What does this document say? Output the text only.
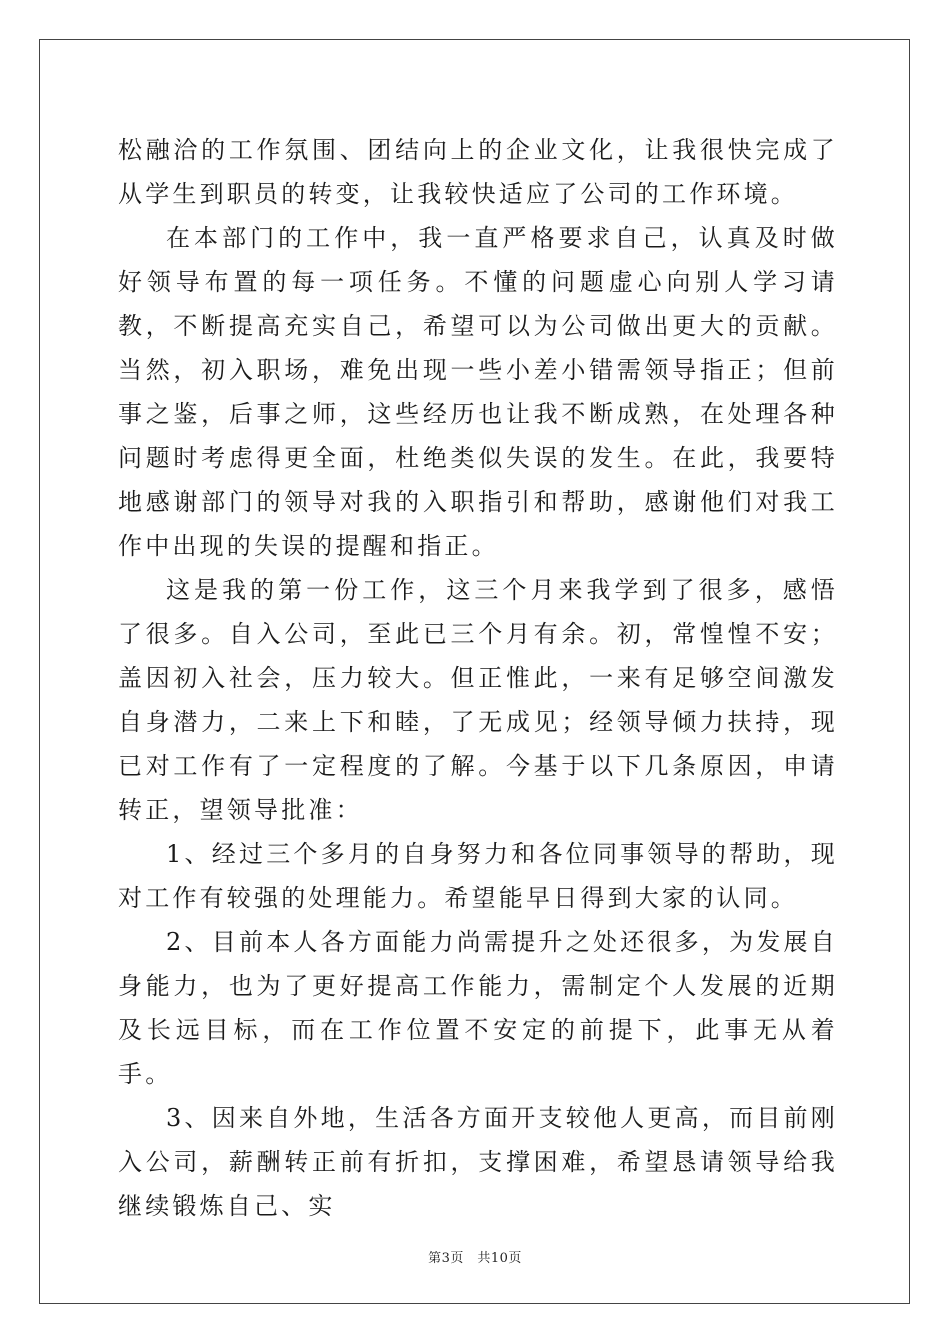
松融洽的工作氛围、团结向上的企业文化，让我很快完成了从学生到职员的转变，让我较快适应了公司的工作环境。

在本部门的工作中，我一直严格要求自己，认真及时做好领导布置的每一项任务。不懂的问题虚心向别人学习请教，不断提高充实自己，希望可以为公司做出更大的贡献。当然，初入职场，难免出现一些小差小错需领导指正；但前事之鉴，后事之师，这些经历也让我不断成熟，在处理各种问题时考虑得更全面，杜绝类似失误的发生。在此，我要特地感谢部门的领导对我的入职指引和帮助，感谢他们对我工作中出现的失误的提醒和指正。

这是我的第一份工作，这三个月来我学到了很多，感悟了很多。自入公司，至此已三个月有余。初，常惶惶不安；盖因初入社会，压力较大。但正惟此，一来有足够空间激发自身潜力，二来上下和睦，了无成见；经领导倾力扶持，现已对工作有了一定程度的了解。今基于以下几条原因，申请转正，望领导批准：

1、经过三个多月的自身努力和各位同事领导的帮助，现对工作有较强的处理能力。希望能早日得到大家的认同。

2、目前本人各方面能力尚需提升之处还很多，为发展自身能力，也为了更好提高工作能力，需制定个人发展的近期及长远目标，而在工作位置不安定的前提下，此事无从着手。

3、因来自外地，生活各方面开支较他人更高，而目前刚入公司，薪酬转正前有折扣，支撑困难，希望恳请领导给我继续锻炼自己、实

第3页　共10页
